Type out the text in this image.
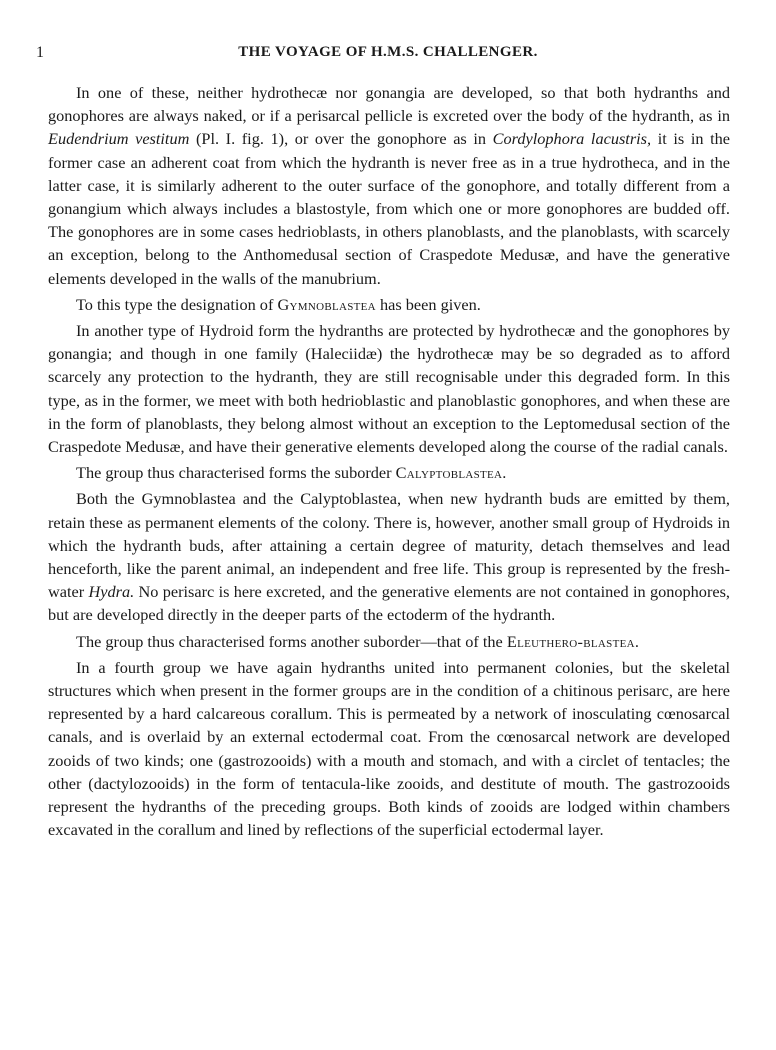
1	THE VOYAGE OF H.M.S. CHALLENGER.

In one of these, neither hydrothecæ nor gonangia are developed, so that both hydranths and gonophores are always naked, or if a perisarcal pellicle is excreted over the body of the hydranth, as in Eudendrium vestitum (Pl. I. fig. 1), or over the gonophore as in Cordylophora lacustris, it is in the former case an adherent coat from which the hydranth is never free as in a true hydrotheca, and in the latter case, it is similarly adherent to the outer surface of the gonophore, and totally different from a gonangium which always includes a blastostyle, from which one or more gonophores are budded off. The gonophores are in some cases hedrioblasts, in others planoblasts, and the planoblasts, with scarcely an exception, belong to the Anthomedusal section of Craspedote Medusæ, and have the generative elements developed in the walls of the manubrium.

To this type the designation of Gymnoblastea has been given.

In another type of Hydroid form the hydranths are protected by hydrothecæ and the gonophores by gonangia; and though in one family (Haleciidæ) the hydrothecæ may be so degraded as to afford scarcely any protection to the hydranth, they are still recognisable under this degraded form. In this type, as in the former, we meet with both hedrioblastic and planoblastic gonophores, and when these are in the form of planoblasts, they belong almost without an exception to the Leptomedusal section of the Craspedote Medusæ, and have their generative elements developed along the course of the radial canals.

The group thus characterised forms the suborder Calyptoblastea.

Both the Gymnoblastea and the Calyptoblastea, when new hydranth buds are emitted by them, retain these as permanent elements of the colony. There is, however, another small group of Hydroids in which the hydranth buds, after attaining a certain degree of maturity, detach themselves and lead henceforth, like the parent animal, an independent and free life. This group is represented by the fresh-water Hydra. No perisarc is here excreted, and the generative elements are not contained in gonophores, but are developed directly in the deeper parts of the ectoderm of the hydranth.

The group thus characterised forms another suborder—that of the Eleuthero-blastea.

In a fourth group we have again hydranths united into permanent colonies, but the skeletal structures which when present in the former groups are in the condition of a chitinous perisarc, are here represented by a hard calcareous corallum. This is permeated by a network of inosculating cœnosarcal canals, and is overlaid by an external ectodermal coat. From the cœnosarcal network are developed zooids of two kinds; one (gastrozooids) with a mouth and stomach, and with a circlet of tentacles; the other (dactylozooids) in the form of tentacula-like zooids, and destitute of mouth. The gastrozooids represent the hydranths of the preceding groups. Both kinds of zooids are lodged within chambers excavated in the corallum and lined by reflections of the superficial ectodermal layer.
